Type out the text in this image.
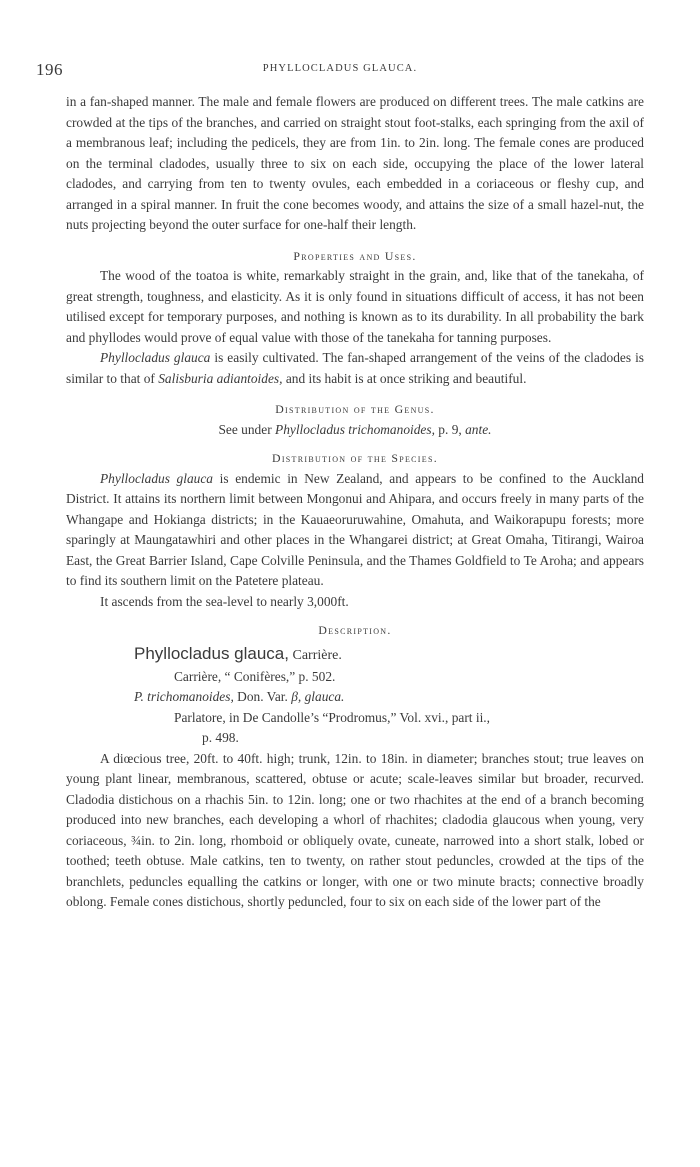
196	PHYLLOCLADUS GLAUCA.

in a fan-shaped manner. The male and female flowers are produced on different trees. The male catkins are crowded at the tips of the branches, and carried on straight stout foot-stalks, each springing from the axil of a membranous leaf; including the pedicels, they are from 1in. to 2in. long. The female cones are produced on the terminal cladodes, usually three to six on each side, occupying the place of the lower lateral cladodes, and carrying from ten to twenty ovules, each embedded in a coriaceous or fleshy cup, and arranged in a spiral manner. In fruit the cone becomes woody, and attains the size of a small hazel-nut, the nuts projecting beyond the outer surface for one-half their length.

Properties and Uses.

The wood of the toatoa is white, remarkably straight in the grain, and, like that of the tanekaha, of great strength, toughness, and elasticity. As it is only found in situations difficult of access, it has not been utilised except for temporary purposes, and nothing is known as to its durability. In all probability the bark and phyllodes would prove of equal value with those of the tanekaha for tanning purposes.

Phyllocladus glauca is easily cultivated. The fan-shaped arrangement of the veins of the cladodes is similar to that of Salisburia adiantoides, and its habit is at once striking and beautiful.

Distribution of the Genus.

See under Phyllocladus trichomanoides, p. 9, ante.

Distribution of the Species.

Phyllocladus glauca is endemic in New Zealand, and appears to be confined to the Auckland District. It attains its northern limit between Mongonui and Ahipara, and occurs freely in many parts of the Whangape and Hokianga districts; in the Kauaeoruruwahine, Omahuta, and Waikorapupu forests; more sparingly at Maungatawhiri and other places in the Whangarei district; at Great Omaha, Titirangi, Wairoa East, the Great Barrier Island, Cape Colville Peninsula, and the Thames Goldfield to Te Aroha; and appears to find its southern limit on the Patetere plateau.

It ascends from the sea-level to nearly 3,000ft.

Description.

Phyllocladus glauca, Carrière.

Carrière, “ Conifères,” p. 502.

P. trichomanoides, Don. Var. β, glauca.

Parlatore, in De Candolle’s “Prodromus,” Vol. xvi., part ii.,

p. 498.

A diœcious tree, 20ft. to 40ft. high; trunk, 12in. to 18in. in diameter; branches stout; true leaves on young plant linear, membranous, scattered, obtuse or acute; scale-leaves similar but broader, recurved. Cladodia distichous on a rhachis 5in. to 12in. long; one or two rhachites at the end of a branch becoming produced into new branches, each developing a whorl of rhachites; cladodia glaucous when young, very coriaceous, ¾in. to 2in. long, rhomboid or obliquely ovate, cuneate, narrowed into a short stalk, lobed or toothed; teeth obtuse. Male catkins, ten to twenty, on rather stout peduncles, crowded at the tips of the branchlets, peduncles equalling the catkins or longer, with one or two minute bracts; connective broadly oblong. Female cones distichous, shortly peduncled, four to six on each side of the lower part of the
